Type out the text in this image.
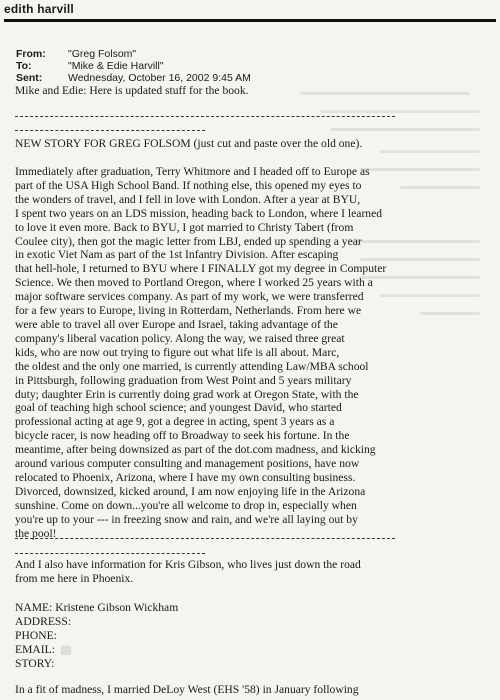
edith harvill
From:	"Greg Folsom"
To:	"Mike & Edie Harvill"
Sent:	Wednesday, October 16, 2002 9:45 AM
Mike and Edie: Here is updated stuff for the book.
NEW STORY FOR GREG FOLSOM (just cut and paste over the old one).
Immediately after graduation, Terry Whitmore and I headed off to Europe as
part of the USA High School Band. If nothing else, this opened my eyes to
the wonders of travel, and I fell in love with London. After a year at BYU,
I spent two years on an LDS mission, heading back to London, where I learned
to love it even more. Back to BYU, I got married to Christy Tabert (from
Coulee city), then got the magic letter from LBJ, ended up spending a year
in exotic Viet Nam as part of the 1st Infantry Division. After escaping
that hell-hole, I returned to BYU where I FINALLY got my degree in Computer
Science. We then moved to Portland Oregon, where I worked 25 years with a
major software services company. As part of my work, we were transferred
for a few years to Europe, living in Rotterdam, Netherlands. From here we
were able to travel all over Europe and Israel, taking advantage of the
company's liberal vacation policy. Along the way, we raised three great
kids, who are now out trying to figure out what life is all about. Marc,
the oldest and the only one married, is currently attending Law/MBA school
in Pittsburgh, following graduation from West Point and 5 years military
duty; daughter Erin is currently doing grad work at Oregon State, with the
goal of teaching high school science; and youngest David, who started
professional acting at age 9, got a degree in acting, spent 3 years as a
bicycle racer, is now heading off to Broadway to seek his fortune. In the
meantime, after being downsized as part of the dot.com madness, and kicking
around various computer consulting and management positions, have now
relocated to Phoenix, Arizona, where I have my own consulting business.
Divorced, downsized, kicked around, I am now enjoying life in the Arizona
sunshine. Come on down...you're all welcome to drop in, especially when
you're up to your --- in freezing snow and rain, and we're all laying out by
the pool!
And I also have information for Kris Gibson, who lives just down the road
from me here in Phoenix.
NAME: Kristene Gibson Wickham
ADDRESS:
PHONE:
EMAIL:
STORY:
In a fit of madness, I married DeLoy West (EHS '58) in January following
